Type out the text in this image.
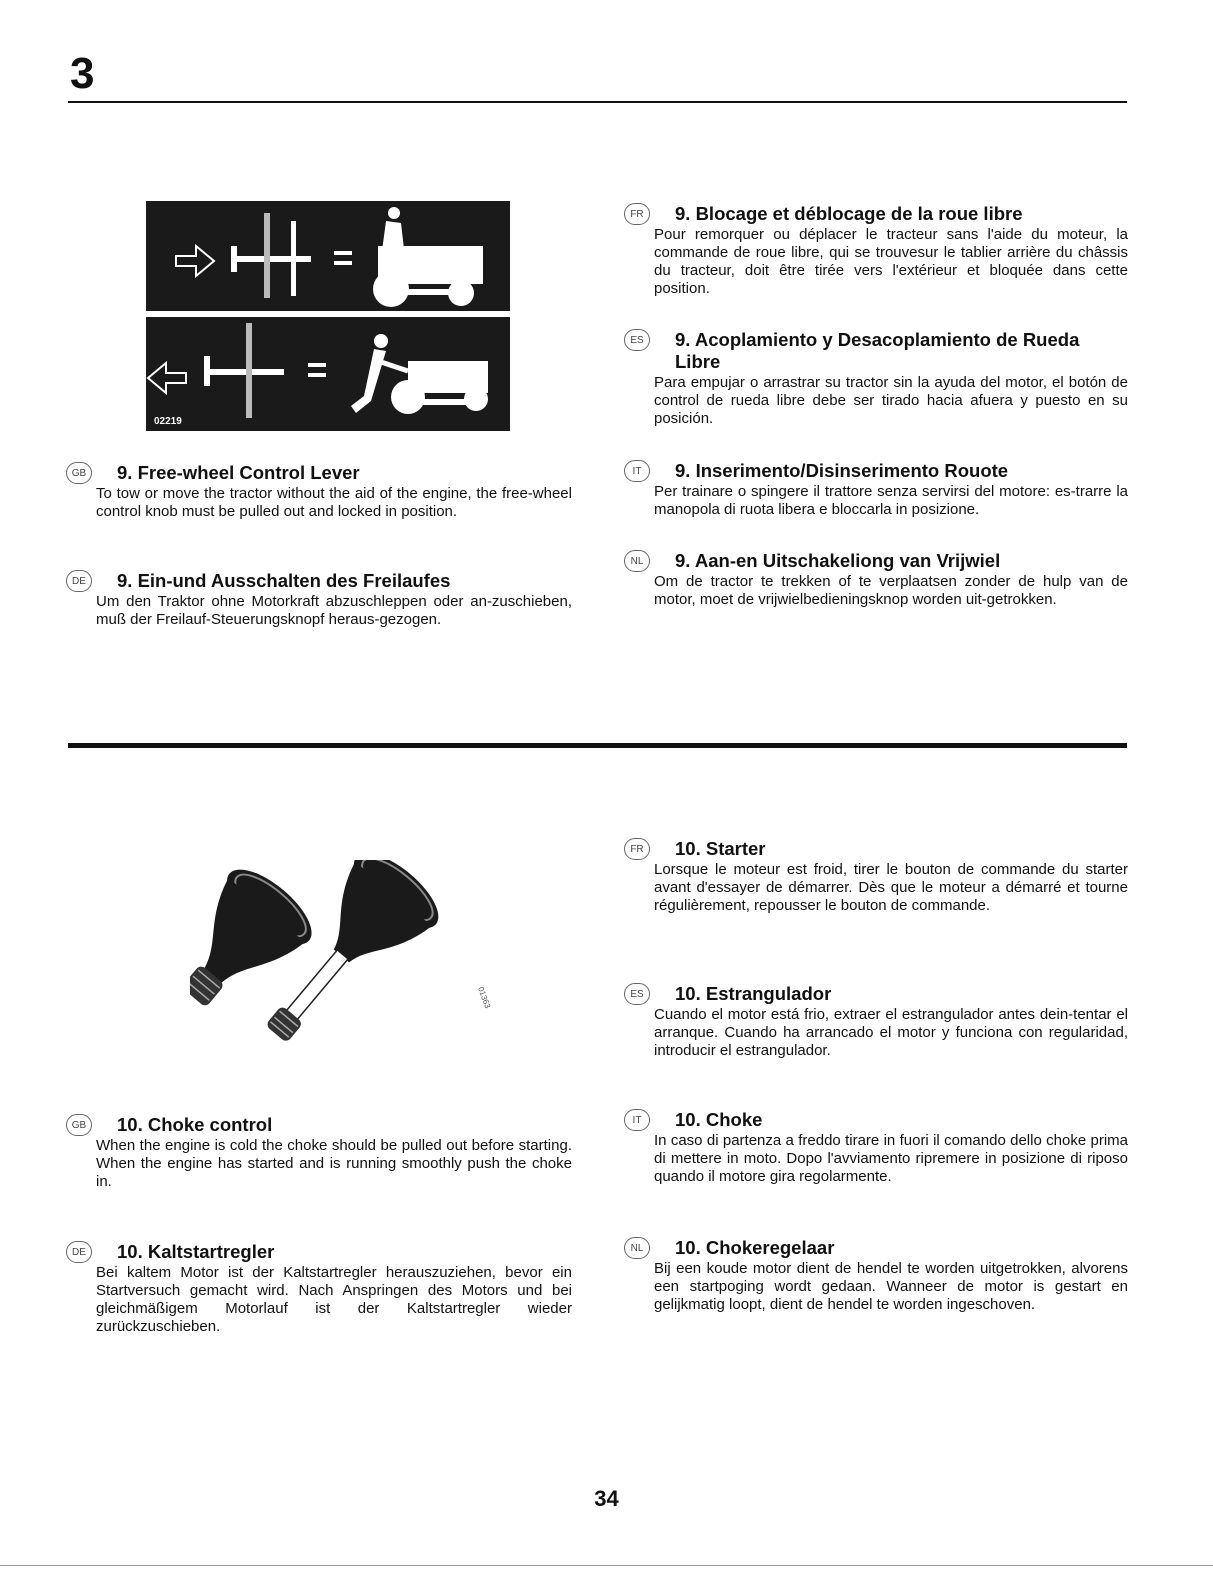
3
02219
GB	9. Free-wheel Control Lever
To tow or move the tractor without the aid of the engine, the free-wheel control knob must be pulled out and locked in position.
DE	9. Ein-und Ausschalten des Freilaufes
Um den Traktor ohne Motorkraft abzuschleppen oder an-zuschieben, muß der Freilauf-Steuerungsknopf heraus-gezogen.
FR	9. Blocage et déblocage de la roue libre
Pour remorquer ou déplacer le tracteur sans l'aide du moteur, la commande de roue libre, qui se trouvesur le tablier arrière du châssis du tracteur, doit être tirée vers l'extérieur et bloquée dans cette position.
ES	9. Acoplamiento y Desacoplamiento de Rueda Libre
Para empujar o arrastrar su tractor sin la ayuda del motor, el botón de control de rueda libre debe ser tirado hacia afuera y puesto en su posición.
IT	9. Inserimento/Disinserimento Rouote
Per trainare o spingere il trattore senza servirsi del motore: es-trarre la manopola di ruota libera e bloccarla in posizione.
NL	9. Aan-en Uitschakeliong van Vrijwiel
Om de tractor te trekken of te verplaatsen zonder de hulp van de motor, moet de vrijwielbedieningsknop worden uit-getrokken.
01363
FR	10. Starter
Lorsque le moteur est froid, tirer le bouton de commande du starter avant d'essayer de démarrer. Dès que le moteur a démarré et tourne régulièrement, repousser le bouton de commande.
ES	10. Estrangulador
Cuando el motor está frio, extraer el estrangulador antes dein-tentar el arranque. Cuando ha arrancado el motor y funciona con regularidad, introducir el estrangulador.
IT	10. Choke
In caso di partenza a freddo tirare in fuori il comando dello choke prima di mettere in moto. Dopo l'avviamento ripremere in posizione di riposo quando il motore gira regolarmente.
NL	10. Chokeregelaar
Bij een koude motor dient de hendel te worden uitgetrokken, alvorens een startpoging wordt gedaan. Wanneer de motor is gestart en gelijkmatig loopt, dient de hendel te worden ingeschoven.
GB	10. Choke control
When the engine is cold the choke should be pulled out before starting. When the engine has started and is running smoothly push the choke in.
DE	10. Kaltstartregler
Bei kaltem Motor ist der Kaltstartregler herauszuziehen, bevor ein Startversuch gemacht wird. Nach Anspringen des Motors und bei gleichmäßigem Motorlauf ist der Kaltstartregler wieder zurückzuschieben.
34
